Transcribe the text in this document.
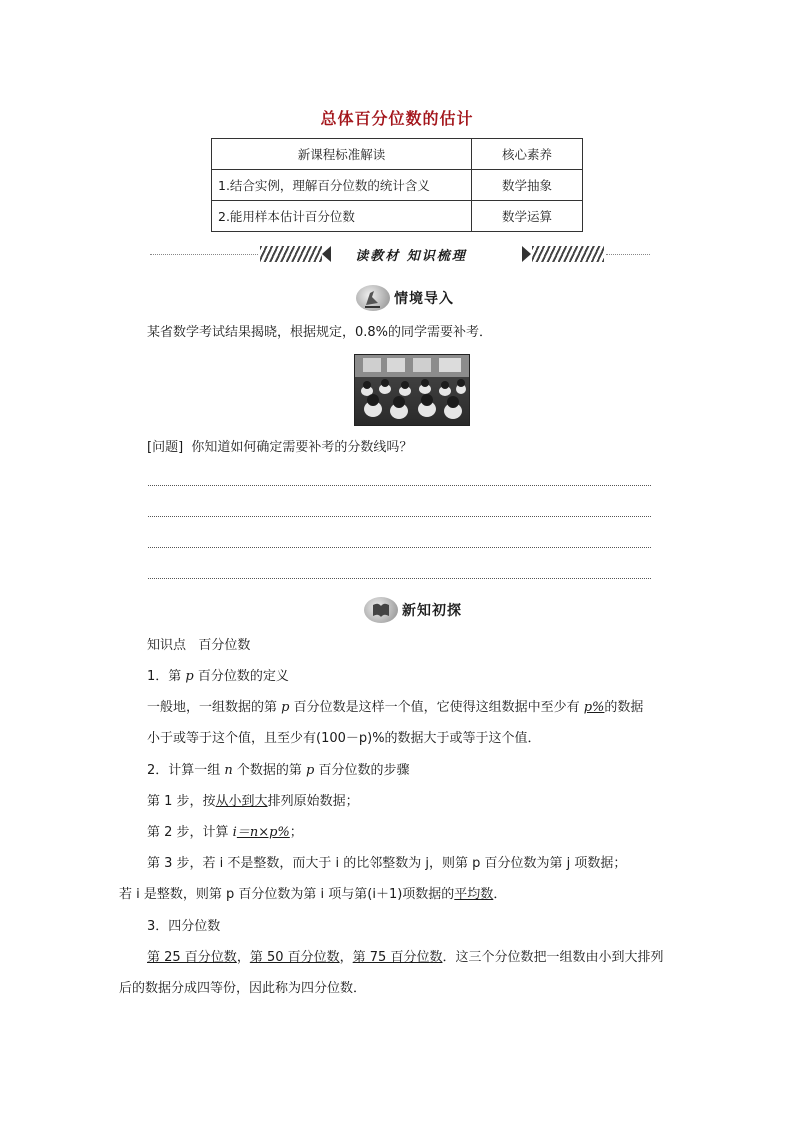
总体百分位数的估计
新课程标准解读	核心素养
1.结合实例，理解百分位数的统计含义	数学抽象
2.能用样本估计百分位数	数学运算
读教材 知识梳理
情境导入
某省数学考试结果揭晓，根据规定，0.8%的同学需要补考．
[问题] 你知道如何确定需要补考的分数线吗？
新知初探
知识点 百分位数
1．第 p 百分位数的定义
一般地，一组数据的第 p 百分位数是这样一个值，它使得这组数据中至少有 p%的数据
小于或等于这个值，且至少有(100－p)%的数据大于或等于这个值．
2．计算一组 n 个数据的第 p 百分位数的步骤
第 1 步，按从小到大排列原始数据；
第 2 步，计算 i＝n×p%；
第 3 步，若 i 不是整数，而大于 i 的比邻整数为 j，则第 p 百分位数为第 j 项数据；
若 i 是整数，则第 p 百分位数为第 i 项与第(i＋1)项数据的平均数．
3．四分位数
第 25 百分位数，第 50 百分位数，第 75 百分位数．这三个分位数把一组数由小到大排列
后的数据分成四等份，因此称为四分位数．
